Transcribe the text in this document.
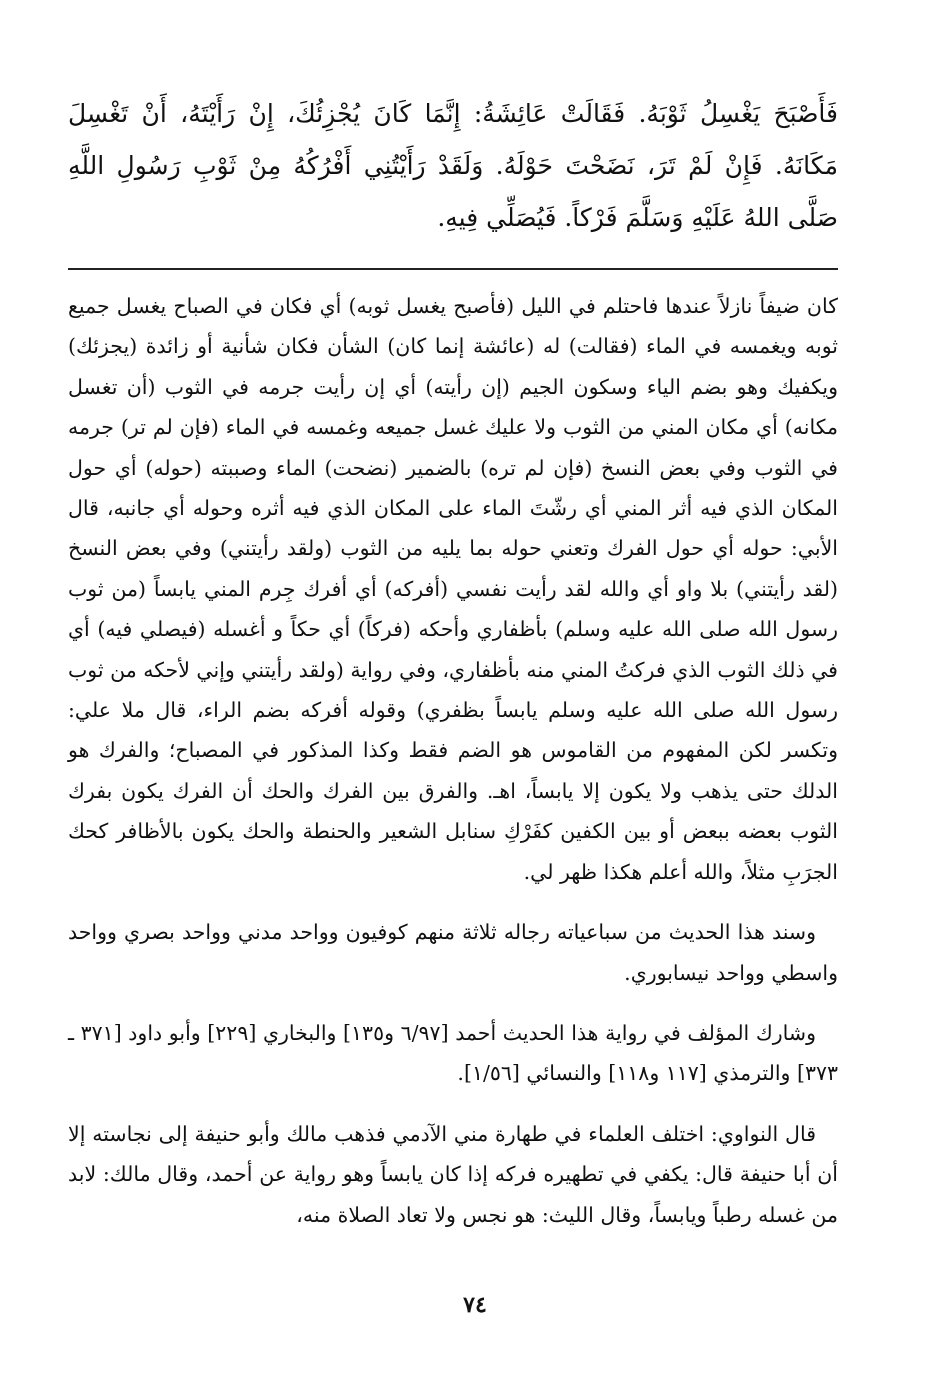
فَأَصْبَحَ يَغْسِلُ ثَوْبَهُ. فَقَالَتْ عَائِشَةُ: إِنَّمَا كَانَ يُجْزِئُكَ، إِنْ رَأَيْتَهُ، أَنْ تَغْسِلَ مَكَانَهُ. فَإِنْ لَمْ تَرَ، نَضَحْتَ حَوْلَهُ. وَلَقَدْ رَأَيْتُنِي أَفْرُكُهُ مِنْ ثَوْبِ رَسُولِ اللَّهِ صَلَّى اللهُ عَلَيْهِ وَسَلَّمَ فَرْكاً. فَيُصَلِّي فِيهِ.

كان ضيفاً نازلاً عندها فاحتلم في الليل (فأصبح يغسل ثوبه) أي فكان في الصباح يغسل جميع ثوبه ويغمسه في الماء (فقالت) له (عائشة إنما كان) الشأن فكان شأنية أو زائدة (يجزئك) ويكفيك وهو بضم الياء وسكون الجيم (إن رأيته) أي إن رأيت جرمه في الثوب (أن تغسل مكانه) أي مكان المني من الثوب ولا عليك غسل جميعه وغمسه في الماء (فإن لم تر) جرمه في الثوب وفي بعض النسخ (فإن لم تره) بالضمير (نضحت) الماء وصببته (حوله) أي حول المكان الذي فيه أثر المني أي رشّتَ الماء على المكان الذي فيه أثره وحوله أي جانبه، قال الأبي: حوله أي حول الفرك وتعني حوله بما يليه من الثوب (ولقد رأيتني) وفي بعض النسخ (لقد رأيتني) بلا واو أي والله لقد رأيت نفسي (أفركه) أي أفرك جِرم المني يابساً (من ثوب رسول الله صلى الله عليه وسلم) بأظفاري وأحكه (فركاً) أي حكاً و أغسله (فيصلي فيه) أي في ذلك الثوب الذي فركتُ المني منه بأظفاري، وفي رواية (ولقد رأيتني وإني لأحكه من ثوب رسول الله صلى الله عليه وسلم يابساً بظفري) وقوله أفركه بضم الراء، قال ملا علي: وتكسر لكن المفهوم من القاموس هو الضم فقط وكذا المذكور في المصباح؛ والفرك هو الدلك حتى يذهب ولا يكون إلا يابساً، اهـ. والفرق بين الفرك والحك أن الفرك يكون بفرك الثوب بعضه ببعض أو بين الكفين كفَرْكِ سنابل الشعير والحنطة والحك يكون بالأظافر كحك الجرَبِ مثلاً، والله أعلم هكذا ظهر لي.

وسند هذا الحديث من سباعياته رجاله ثلاثة منهم كوفيون وواحد مدني وواحد بصري وواحد واسطي وواحد نيسابوري.

وشارك المؤلف في رواية هذا الحديث أحمد [٦/٩٧ و١٣٥] والبخاري [٢٢٩] وأبو داود [٣٧١ ـ ٣٧٣] والترمذي [١١٧ و١١٨] والنسائي [١/٥٦].

قال النواوي: اختلف العلماء في طهارة مني الآدمي فذهب مالك وأبو حنيفة إلى نجاسته إلا أن أبا حنيفة قال: يكفي في تطهيره فركه إذا كان يابساً وهو رواية عن أحمد، وقال مالك: لابد من غسله رطباً ويابساً، وقال الليث: هو نجس ولا تعاد الصلاة منه،

٧٤
